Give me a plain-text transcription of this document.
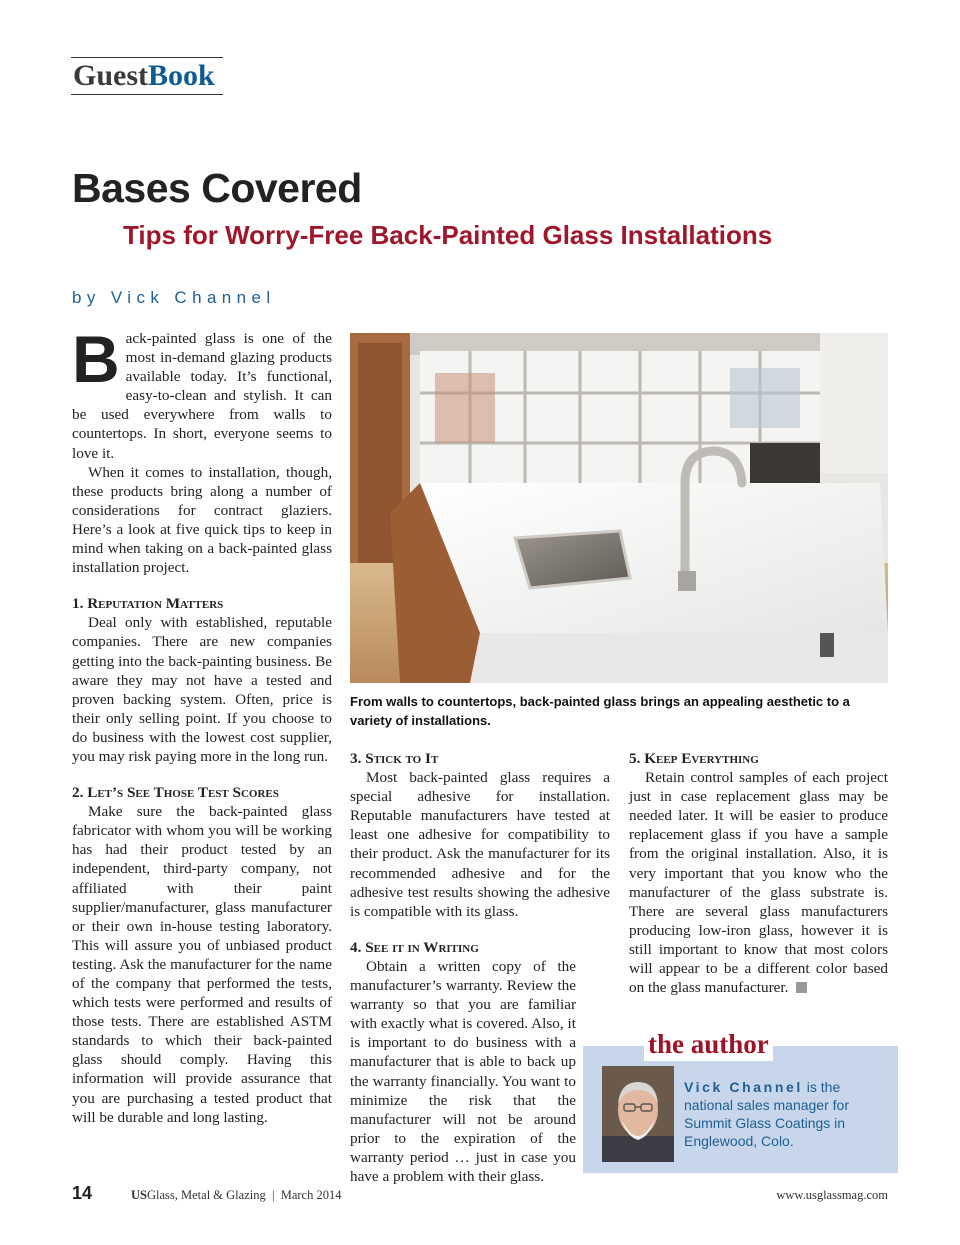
GuestBook
Bases Covered
Tips for Worry-Free Back-Painted Glass Installations
by Vick Channel
B ack-painted glass is one of the most in-demand glazing products available today. It’s functional, easy-to-clean and stylish. It can be used everywhere from walls to countertops. In short, everyone seems to love it.

When it comes to installation, though, these products bring along a number of considerations for contract glaziers. Here’s a look at five quick tips to keep in mind when taking on a back-painted glass installation project.

1. Reputation Matters

Deal only with established, reputable companies. There are new companies getting into the back-painting business. Be aware they may not have a tested and proven backing system. Often, price is their only selling point. If you choose to do business with the lowest cost supplier, you may risk paying more in the long run.

2. Let’s See Those Test Scores

Make sure the back-painted glass fabricator with whom you will be working has had their product tested by an independent, third-party company, not affiliated with their paint supplier/manufacturer, glass manufacturer or their own in-house testing laboratory. This will assure you of unbiased product testing. Ask the manufacturer for the name of the company that performed the tests, which tests were performed and results of those tests. There are established ASTM standards to which their back-painted glass should comply. Having this information will provide assurance that you are purchasing a tested product that will be durable and long lasting.

From walls to countertops, back-painted glass brings an appealing aesthetic to a variety of installations.
3. Stick to It

Most back-painted glass requires a special adhesive for installation. Reputable manufacturers have tested at least one adhesive for compatibility to their product. Ask the manufacturer for its recommended adhesive and for the adhesive test results showing the adhesive is compatible with its glass.

4. See it in Writing

Obtain a written copy of the manufacturer’s warranty. Review the warranty so that you are familiar with exactly what is covered. Also, it is important to do business with a manufacturer that is able to back up the warranty financially. You want to minimize the risk that the manufacturer will not be around prior to the expiration of the warranty period … just in case you have a problem with their glass.

5. Keep Everything

Retain control samples of each project just in case replacement glass may be needed later. It will be easier to produce replacement glass if you have a sample from the original installation. Also, it is very important that you know who the manufacturer of the glass substrate is. There are several glass manufacturers producing low-iron glass, however it is still important to know that most colors will appear to be a different color based on the glass manufacturer.

the author
Vick Channel is the national sales manager for Summit Glass Coatings in Englewood, Colo.
14	USGlass, Metal & Glazing  |  March 2014	www.usglassmag.com
